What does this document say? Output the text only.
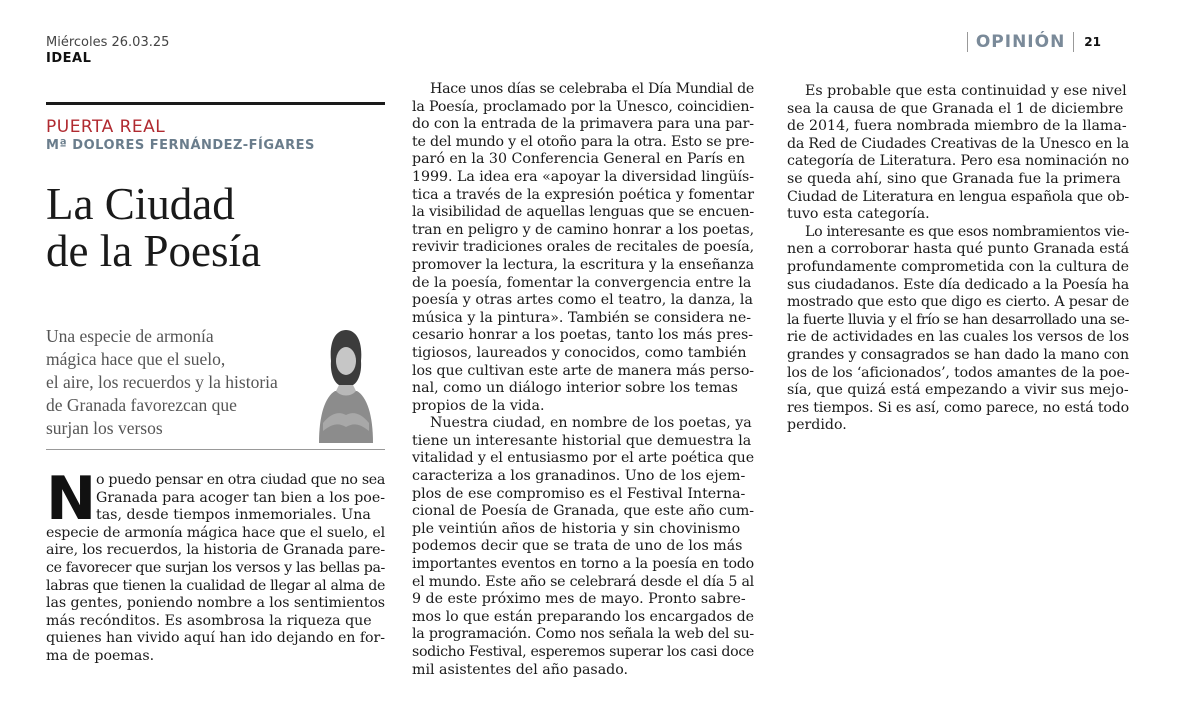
Miércoles 26.03.25
IDEAL
OPINIÓN	21
PUERTA REAL
Mª DOLORES FERNÁNDEZ-FÍGARES
La Ciudad
de la Poesía
Una especie de armonía
mágica hace que el suelo,
el aire, los recuerdos y la historia
de Granada favorezcan que
surjan los versos
N o puedo pensar en otra ciudad que no sea
Granada para acoger tan bien a los poe-
tas, desde tiempos inmemoriales. Una
especie de armonía mágica hace que el suelo, el
aire, los recuerdos, la historia de Granada pare-
ce favorecer que surjan los versos y las bellas pa-
labras que tienen la cualidad de llegar al alma de
las gentes, poniendo nombre a los sentimientos
más recónditos. Es asombrosa la riqueza que
quienes han vivido aquí han ido dejando en for-
ma de poemas.
Hace unos días se celebraba el Día Mundial de
la Poesía, proclamado por la Unesco, coincidien-
do con la entrada de la primavera para una par-
te del mundo y el otoño para la otra. Esto se pre-
paró en la 30 Conferencia General en París en
1999. La idea era «apoyar la diversidad lingüís-
tica a través de la expresión poética y fomentar
la visibilidad de aquellas lenguas que se encuen-
tran en peligro y de camino honrar a los poetas,
revivir tradiciones orales de recitales de poesía,
promover la lectura, la escritura y la enseñanza
de la poesía, fomentar la convergencia entre la
poesía y otras artes como el teatro, la danza, la
música y la pintura». También se considera ne-
cesario honrar a los poetas, tanto los más pres-
tigiosos, laureados y conocidos, como también
los que cultivan este arte de manera más perso-
nal, como un diálogo interior sobre los temas
propios de la vida.
Nuestra ciudad, en nombre de los poetas, ya
tiene un interesante historial que demuestra la
vitalidad y el entusiasmo por el arte poética que
caracteriza a los granadinos. Uno de los ejem-
plos de ese compromiso es el Festival Interna-
cional de Poesía de Granada, que este año cum-
ple veintiún años de historia y sin chovinismo
podemos decir que se trata de uno de los más
importantes eventos en torno a la poesía en todo
el mundo. Este año se celebrará desde el día 5 al
9 de este próximo mes de mayo. Pronto sabre-
mos lo que están preparando los encargados de
la programación. Como nos señala la web del su-
sodicho Festival, esperemos superar los casi doce
mil asistentes del año pasado.
Es probable que esta continuidad y ese nivel
sea la causa de que Granada el 1 de diciembre
de 2014, fuera nombrada miembro de la llama-
da Red de Ciudades Creativas de la Unesco en la
categoría de Literatura. Pero esa nominación no
se queda ahí, sino que Granada fue la primera
Ciudad de Literatura en lengua española que ob-
tuvo esta categoría.
Lo interesante es que esos nombramientos vie-
nen a corroborar hasta qué punto Granada está
profundamente comprometida con la cultura de
sus ciudadanos. Este día dedicado a la Poesía ha
mostrado que esto que digo es cierto. A pesar de
la fuerte lluvia y el frío se han desarrollado una se-
rie de actividades en las cuales los versos de los
grandes y consagrados se han dado la mano con
los de los ‘aficionados’, todos amantes de la poe-
sía, que quizá está empezando a vivir sus mejo-
res tiempos. Si es así, como parece, no está todo
perdido.
